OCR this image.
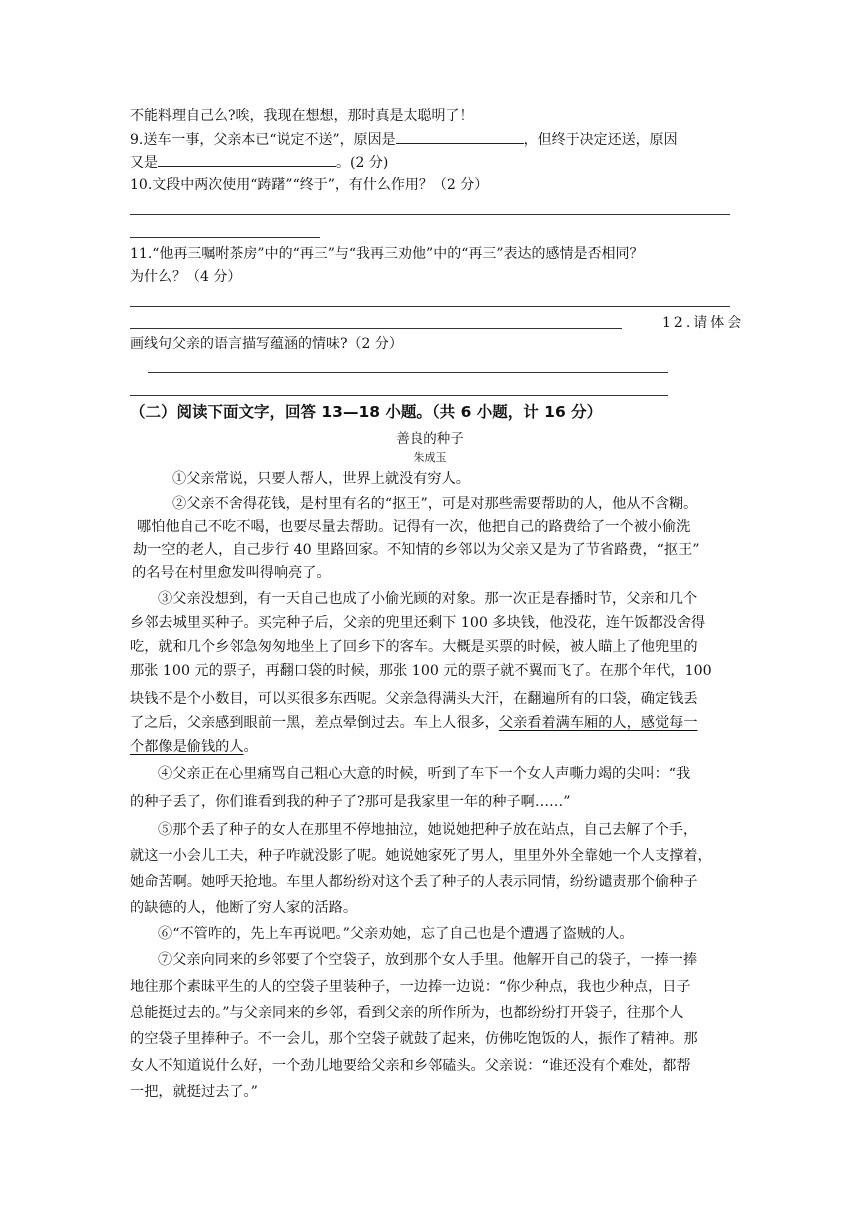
不能料理自己么?唉，我现在想想，那时真是太聪明了！
9.送车一事，父亲本已“说定不送”，原因是	，但终于决定还送，原因
又是	。(2 分)
10.文段中两次使用“踌躇”“终于”，有什么作用？（2 分）
11.“他再三嘱咐茶房”中的“再三”与“我再三劝他”中的“再三”表达的感情是否相同？
为什么？（4 分）
12.请体会
画线句父亲的语言描写蕴涵的情味?（2 分）
（二）阅读下面文字，回答 13—18 小题。（共 6 小题，计 16 分）
善良的种子
朱成玉
①父亲常说，只要人帮人，世界上就没有穷人。
②父亲不舍得花钱，是村里有名的“抠王”，可是对那些需要帮助的人，他从不含糊。
哪怕他自己不吃不喝，也要尽量去帮助。记得有一次，他把自己的路费给了一个被小偷洗
劫一空的老人，自己步行 40 里路回家。不知情的乡邻以为父亲又是为了节省路费，“抠王”
的名号在村里愈发叫得响亮了。
③父亲没想到，有一天自己也成了小偷光顾的对象。那一次正是春播时节，父亲和几个
乡邻去城里买种子。买完种子后，父亲的兜里还剩下 100 多块钱，他没花，连午饭都没舍得
吃，就和几个乡邻急匆匆地坐上了回乡下的客车。大概是买票的时候，被人瞄上了他兜里的
那张 100 元的票子，再翻口袋的时候，那张 100 元的票子就不翼而飞了。在那个年代，100
块钱不是个小数目，可以买很多东西呢。父亲急得满头大汗，在翻遍所有的口袋，确定钱丢
了之后，父亲感到眼前一黑，差点晕倒过去。车上人很多，父亲看着满车厢的人，感觉每一
个都像是偷钱的人。
④父亲正在心里痛骂自己粗心大意的时候，听到了车下一个女人声嘶力竭的尖叫：“我
的种子丢了，你们谁看到我的种子了?那可是我家里一年的种子啊……”
⑤那个丢了种子的女人在那里不停地抽泣，她说她把种子放在站点，自己去解了个手，
就这一小会儿工夫，种子咋就没影了呢。她说她家死了男人，里里外外全靠她一个人支撑着，
她命苦啊。她呼天抢地。车里人都纷纷对这个丢了种子的人表示同情，纷纷谴责那个偷种子
的缺德的人，他断了穷人家的活路。
⑥“不管咋的，先上车再说吧。”父亲劝她，忘了自己也是个遭遇了盗贼的人。
⑦父亲向同来的乡邻要了个空袋子，放到那个女人手里。他解开自己的袋子，一捧一捧
地往那个素昧平生的人的空袋子里装种子，一边捧一边说：“你少种点，我也少种点，日子
总能挺过去的。”与父亲同来的乡邻，看到父亲的所作所为，也都纷纷打开袋子，往那个人
的空袋子里捧种子。不一会儿，那个空袋子就鼓了起来，仿佛吃饱饭的人，振作了精神。那
女人不知道说什么好，一个劲儿地要给父亲和乡邻磕头。父亲说：“谁还没有个难处，都帮
一把，就挺过去了。”
